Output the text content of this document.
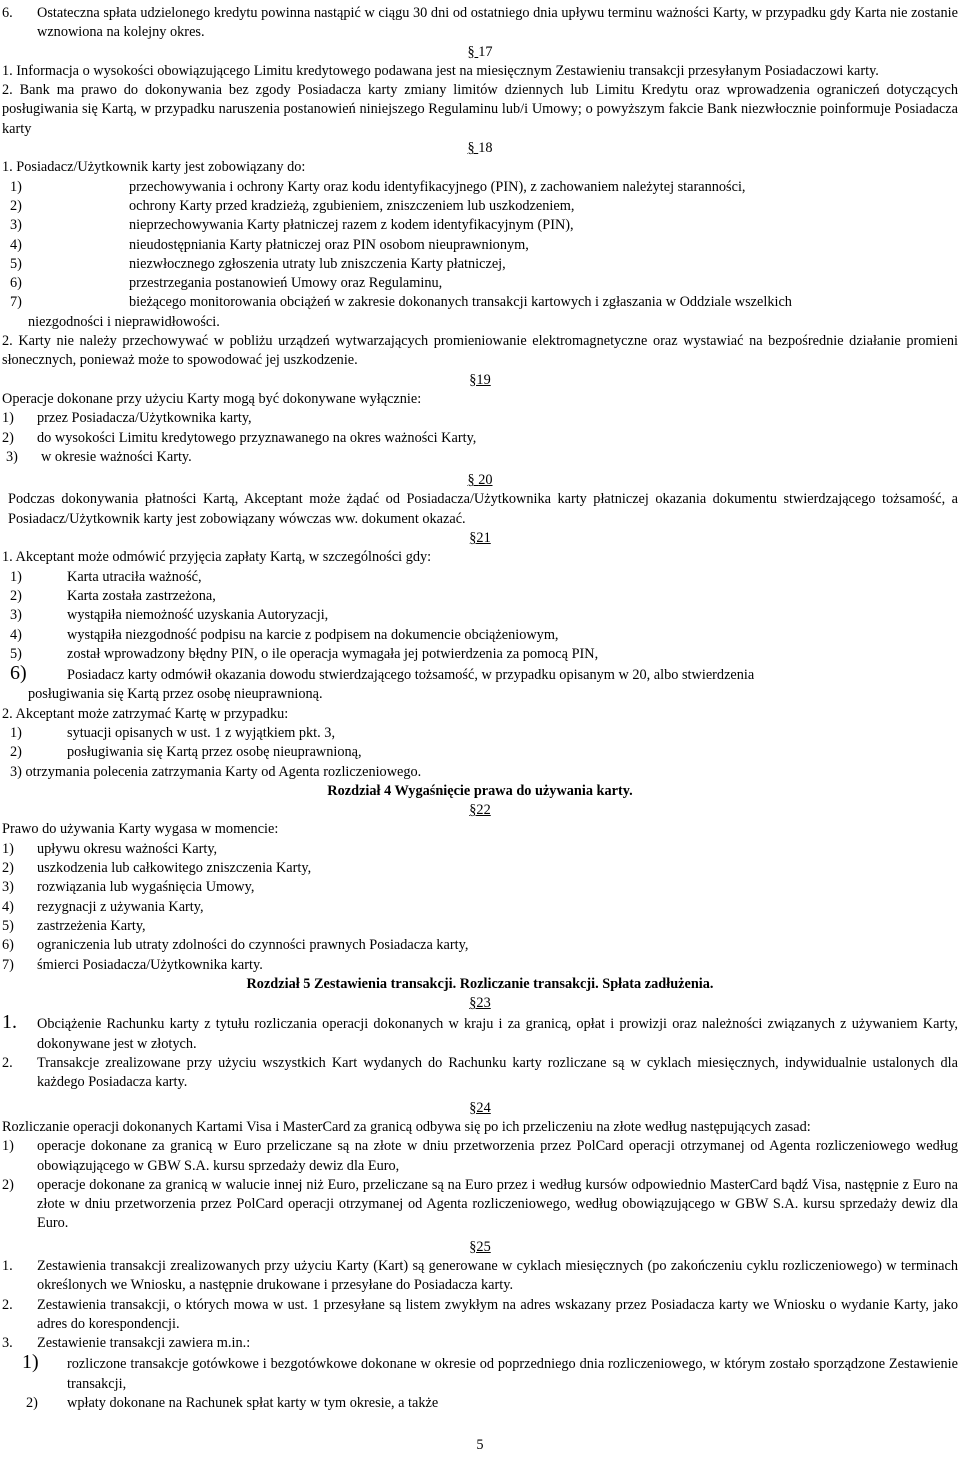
6.	Ostateczna spłata udzielonego kredytu powinna nastąpić w ciągu 30 dni od ostatniego dnia upływu terminu ważności Karty, w przypadku gdy Karta nie zostanie wznowiona na kolejny okres.
§ 17

1. Informacja o wysokości obowiązującego Limitu kredytowego podawana jest na miesięcznym Zestawieniu transakcji przesyłanym Posiadaczowi karty.

2. Bank ma prawo do dokonywania bez zgody Posiadacza karty zmiany limitów dziennych lub Limitu Kredytu oraz wprowadzenia ograniczeń dotyczących posługiwania się Kartą, w przypadku naruszenia postanowień niniejszego Regulaminu lub/i Umowy; o powyższym fakcie Bank niezwłocznie poinformuje Posiadacza karty

§ 18

1. Posiadacz/Użytkownik karty jest zobowiązany do:

1)	przechowywania i ochrony Karty oraz kodu identyfikacyjnego (PIN), z zachowaniem należytej staranności,
2)	ochrony Karty przed kradzieżą, zgubieniem, zniszczeniem lub uszkodzeniem,
3)	nieprzechowywania Karty płatniczej razem z kodem identyfikacyjnym (PIN),
4)	nieudostępniania Karty płatniczej oraz PIN osobom nieuprawnionym,
5)	niezwłocznego zgłoszenia utraty lub zniszczenia Karty płatniczej,
6)	przestrzegania postanowień Umowy oraz Regulaminu,
7)	bieżącego monitorowania obciążeń w zakresie dokonanych transakcji kartowych i zgłaszania w Oddziale wszelkich

niezgodności i nieprawidłowości.

2. Karty nie należy przechowywać w pobliżu urządzeń wytwarzających promieniowanie elektromagnetyczne oraz wystawiać na bezpośrednie działanie promieni słonecznych, ponieważ może to spowodować jej uszkodzenie.

§19

Operacje dokonane przy użyciu Karty mogą być dokonywane wyłącznie:

1)	przez Posiadacza/Użytkownika karty,
2)	do wysokości Limitu kredytowego przyznawanego na okres ważności Karty,
3)	w okresie ważności Karty.
§ 20

Podczas dokonywania płatności Kartą, Akceptant może żądać od Posiadacza/Użytkownika karty płatniczej okazania dokumentu stwierdzającego tożsamość, a Posiadacz/Użytkownik karty jest zobowiązany wówczas ww. dokument okazać.

§21

1. Akceptant może odmówić przyjęcia zapłaty Kartą, w szczególności gdy:

1)	Karta utraciła ważność,
2)	Karta została zastrzeżona,
3)	wystąpiła niemożność uzyskania Autoryzacji,
4)	wystąpiła niezgodność podpisu na karcie z podpisem na dokumencie obciążeniowym,
5)	został wprowadzony błędny PIN, o ile operacja wymagała jej potwierdzenia za pomocą PIN,
6)	Posiadacz karty odmówił okazania dowodu stwierdzającego tożsamość, w przypadku opisanym w 20, albo stwierdzenia

posługiwania się Kartą przez osobę nieuprawnioną.

2. Akceptant może zatrzymać Kartę w przypadku:

1)	sytuacji opisanych w ust. 1 z wyjątkiem pkt. 3,
2)	posługiwania się Kartą przez osobę nieuprawnioną,

3) otrzymania polecenia zatrzymania Karty od Agenta rozliczeniowego.

Rozdział 4 Wygaśnięcie prawa do używania karty.

§22

Prawo do używania Karty wygasa w momencie:

1)	upływu okresu ważności Karty,
2)	uszkodzenia lub całkowitego zniszczenia Karty,
3)	rozwiązania lub wygaśnięcia Umowy,
4)	rezygnacji z używania Karty,
5)	zastrzeżenia Karty,
6)	ograniczenia lub utraty zdolności do czynności prawnych Posiadacza karty,
7)	śmierci Posiadacza/Użytkownika karty.

Rozdział 5 Zestawienia transakcji. Rozliczanie transakcji. Spłata zadłużenia.

§23
1.	Obciążenie Rachunku karty z tytułu rozliczania operacji dokonanych w kraju i za granicą, opłat i prowizji oraz należności związanych z używaniem Karty, dokonywane jest w złotych.
2.	Transakcje zrealizowane przy użyciu wszystkich Kart wydanych do Rachunku karty rozliczane są w cyklach miesięcznych, indywidualnie ustalonych dla każdego Posiadacza karty.
§24

Rozliczanie operacji dokonanych Kartami Visa i MasterCard za granicą odbywa się po ich przeliczeniu na złote według następujących zasad:

1)	operacje dokonane za granicą w Euro przeliczane są na złote w dniu przetworzenia przez PolCard operacji otrzymanej od Agenta rozliczeniowego według obowiązującego w GBW S.A. kursu sprzedaży dewiz dla Euro,
2)	operacje dokonane za granicą w walucie innej niż Euro, przeliczane są na Euro przez i według kursów odpowiednio MasterCard bądź Visa, następnie z Euro na złote w dniu przetworzenia przez PolCard operacji otrzymanej od Agenta rozliczeniowego, według obowiązującego w GBW S.A. kursu sprzedaży dewiz dla Euro.
§25
1.	Zestawienia transakcji zrealizowanych przy użyciu Karty (Kart) są generowane w cyklach miesięcznych (po zakończeniu cyklu rozliczeniowego) w terminach określonych we Wniosku, a następnie drukowane i przesyłane do Posiadacza karty.
2.	Zestawienia transakcji, o których mowa w ust. 1 przesyłane są listem zwykłym na adres wskazany przez Posiadacza karty we Wniosku o wydanie Karty, jako adres do korespondencji.
3.	Zestawienie transakcji zawiera m.in.:
1)	rozliczone transakcje gotówkowe i bezgotówkowe dokonane w okresie od poprzedniego dnia rozliczeniowego, w którym zostało sporządzone Zestawienie transakcji,
2)	wpłaty dokonane na Rachunek spłat karty w tym okresie, a także
5
